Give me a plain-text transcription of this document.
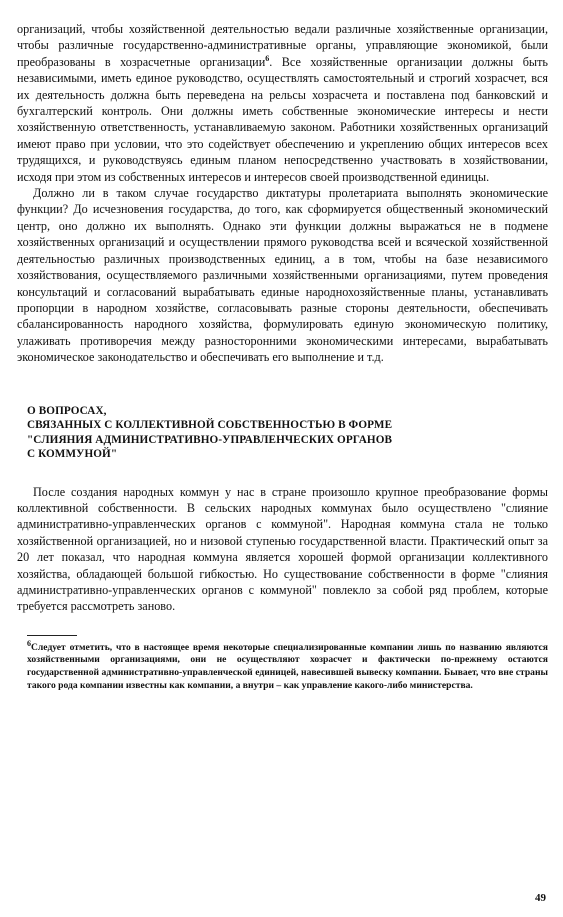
организаций, чтобы хозяйственной деятельностью ведали различные хозяйственные организации, чтобы различные государственно-административные органы, управляющие экономикой, были преобразованы в хозрасчетные организации$^6$. Все хозяйственные организации должны быть независимыми, иметь единое руководство, осуществлять самостоятельный и строгий хозрасчет, вся их деятельность должна быть переведена на рельсы хозрасчета и поставлена под банковский и бухгалтерский контроль. Они должны иметь собственные экономические интересы и нести хозяйственную ответственность, устанавливаемую законом. Работники хозяйственных организаций имеют право при условии, что это содействует обеспечению и укреплению общих интересов всех трудящихся, и руководствуясь единым планом непосредственно участвовать в хозяйствовании, исходя при этом из собственных интересов и интересов своей производственной единицы.

Должно ли в таком случае государство диктатуры пролетариата выполнять экономические функции? До исчезновения государства, до того, как сформируется общественный экономический центр, оно должно их выполнять. Однако эти функции должны выражаться не в подмене хозяйственных организаций и осуществлении прямого руководства всей и всяческой хозяйственной деятельностью различных производственных единиц, а в том, чтобы на базе независимого хозяйствования, осуществляемого различными хозяйственными организациями, путем проведения консультаций и согласований вырабатывать единые народнохозяйственные планы, устанавливать пропорции в народном хозяйстве, согласовывать разные стороны деятельности, обеспечивать сбалансированность народного хозяйства, формулировать единую экономическую политику, улаживать противоречия между разносторонними экономическими интересами, вырабатывать экономическое законодательство и обеспечивать его выполнение и т.д.

О ВОПРОСАХ,
СВЯЗАННЫХ С КОЛЛЕКТИВНОЙ СОБСТВЕННОСТЬЮ В ФОРМЕ
"СЛИЯНИЯ АДМИНИСТРАТИВНО-УПРАВЛЕНЧЕСКИХ ОРГАНОВ
С КОММУНОЙ"

После создания народных коммун у нас в стране произошло крупное преобразование формы коллективной собственности. В сельских народных коммунах было осуществлено "слияние административно-управленческих органов с коммуной". Народная коммуна стала не только хозяйственной организацией, но и низовой ступенью государственной власти. Практический опыт за 20 лет показал, что народная коммуна является хорошей формой организации коллективного хозяйства, обладающей большой гибкостью. Но существование собственности в форме "слияния административно-управленческих органов с коммуной" повлекло за собой ряд проблем, которые требуется рассмотреть заново.

$^6$Следует отметить, что в настоящее время некоторые специализированные компании лишь по названию являются хозяйственными организациями, они не осуществляют хозрасчет и фактически по-прежнему остаются государственной административно-управленческой единицей, навесившей вывеску компании. Бывает, что вне страны такого рода компании известны как компании, а внутри – как управление какого-либо министерства.

49
